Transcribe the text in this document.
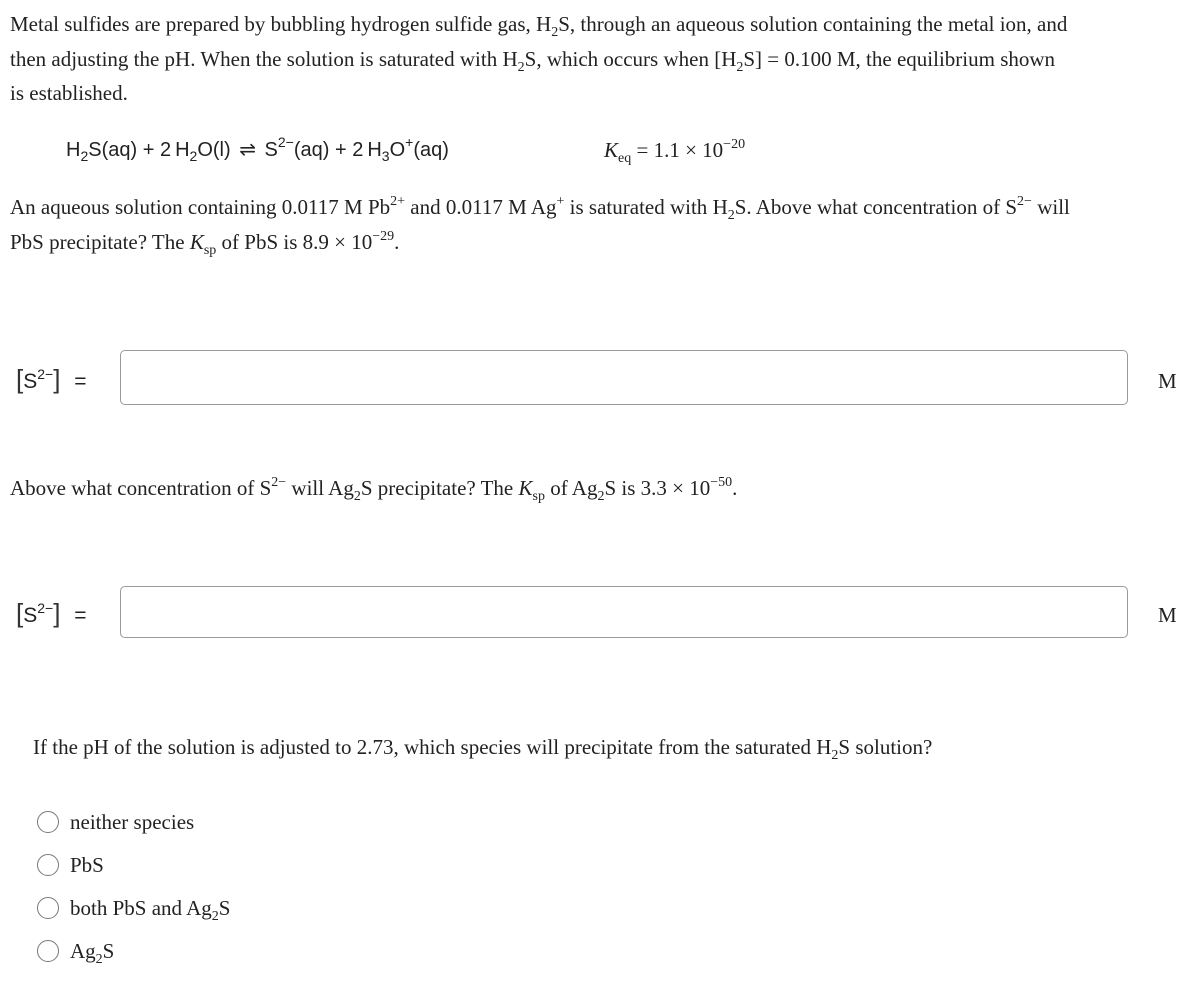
Metal sulfides are prepared by bubbling hydrogen sulfide gas, $H_2S$, through an aqueous solution containing the metal ion, and
then adjusting the pH. When the solution is saturated with $H_2S$, which occurs when $[H_2S] = 0.100$ M, the equilibrium shown
is established.
$H_2S(aq) + 2$ $H_2O(l)$ ⇌ $S^{2-}(aq) + 2$ $H_3O^+(aq)$	$K_{eq} = 1.1 \times 10^{-20}$
An aqueous solution containing 0.0117 M $Pb^{2+}$ and 0.0117 M Ag+ is saturated with $H_2S$. Above what concentration of $S^{2-}$ will
PbS precipitate? The $K_{sp}$ of PbS is $8.9 \times 10^{-29}$.
$[S^{2-}]$ =	M
Above what concentration of $S^{2-}$ will $Ag_2S$ precipitate? The $K_{sp}$ of $Ag_2S$ is $3.3 \times 10^{-50}$.
$[S^{2-}]$ =	M
If the pH of the solution is adjusted to 2.73, which species will precipitate from the saturated $H_2S$ solution?
neither species
PbS
both PbS and $Ag_2S$
$Ag_2S$
